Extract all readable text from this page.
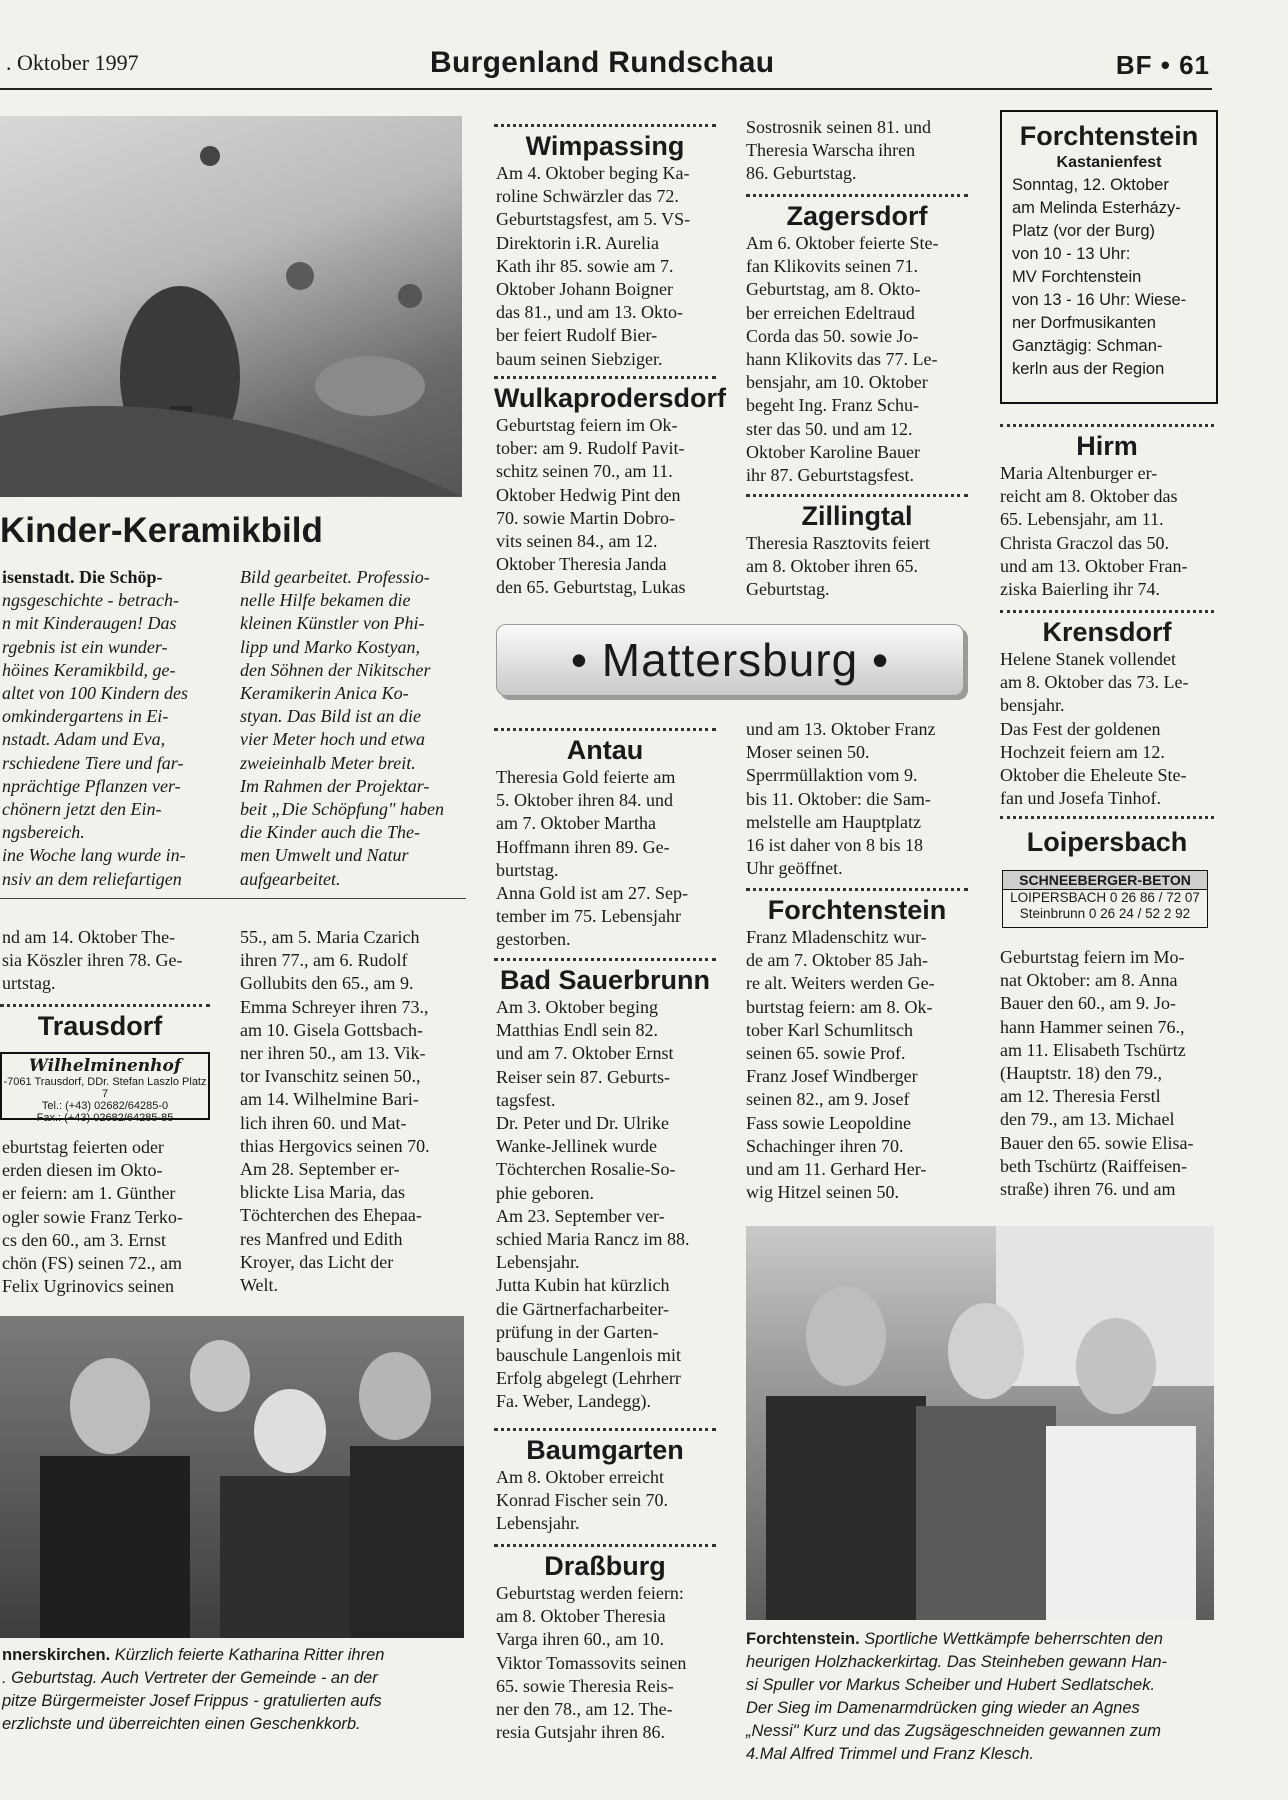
. Oktober 1997	Burgenland Rundschau	BF • 61
Kinder-Keramikbild
isenstadt. Die Schöp-
ngsgeschichte - betrach-
n mit Kinderaugen! Das
rgebnis ist ein wunder-
höines Keramikbild, ge-
altet von 100 Kindern des
omkindergartens in Ei-
nstadt. Adam und Eva,
rschiedene Tiere und far-
nprächtige Pflanzen ver-
chönern jetzt den Ein-
ngsbereich.
ine Woche lang wurde in-
nsiv an dem reliefartigen
Bild gearbeitet. Professio-
nelle Hilfe bekamen die
kleinen Künstler von Phi-
lipp und Marko Kostyan,
den Söhnen der Nikitscher
Keramikerin Anica Ko-
styan. Das Bild ist an die
vier Meter hoch und etwa
zweieinhalb Meter breit.
Im Rahmen der Projektar-
beit „Die Schöpfung" haben
die Kinder auch die The-
men Umwelt und Natur
aufgearbeitet.
nd am 14. Oktober The-
sia Köszler ihren 78. Ge-
urtstag.
Trausdorf
Wilhelminenhof
-7061 Trausdorf, DDr. Stefan Laszlo Platz 7
Tel.: (+43) 02682/64285-0
Fax.: (+43) 02682/64285-85
eburtstag feierten oder
erden diesen im Okto-
er feiern: am 1. Günther
ogler sowie Franz Terko-
cs den 60., am 3. Ernst
chön (FS) seinen 72., am
Felix Ugrinovics seinen
55., am 5. Maria Czarich
ihren 77., am 6. Rudolf
Gollubits den 65., am 9.
Emma Schreyer ihren 73.,
am 10. Gisela Gottsbach-
ner ihren 50., am 13. Vik-
tor Ivanschitz seinen 50.,
am 14. Wilhelmine Bari-
lich ihren 60. und Mat-
thias Hergovics seinen 70.
Am 28. September er-
blickte Lisa Maria, das
Töchterchen des Ehepaa-
res Manfred und Edith
Kroyer, das Licht der
Welt.
nnerskirchen. Kürzlich feierte Katharina Ritter ihren
. Geburtstag. Auch Vertreter der Gemeinde - an der
pitze Bürgermeister Josef Frippus - gratulierten aufs
erzlichste und überreichten einen Geschenkkorb.
Wimpassing
Am 4. Oktober beging Ka-
roline Schwärzler das 72.
Geburtstagsfest, am 5. VS-
Direktorin i.R. Aurelia
Kath ihr 85. sowie am 7.
Oktober Johann Boigner
das 81., und am 13. Okto-
ber feiert Rudolf Bier-
baum seinen Siebziger.
Wulkaprodersdorf
Geburtstag feiern im Ok-
tober: am 9. Rudolf Pavit-
schitz seinen 70., am 11.
Oktober Hedwig Pint den
70. sowie Martin Dobro-
vits seinen 84., am 12.
Oktober Theresia Janda
den 65. Geburtstag, Lukas
Sostrosnik seinen 81. und
Theresia Warscha ihren
86. Geburtstag.
Zagersdorf
Am 6. Oktober feierte Ste-
fan Klikovits seinen 71.
Geburtstag, am 8. Okto-
ber erreichen Edeltraud
Corda das 50. sowie Jo-
hann Klikovits das 77. Le-
bensjahr, am 10. Oktober
begeht Ing. Franz Schu-
ster das 50. und am 12.
Oktober Karoline Bauer
ihr 87. Geburtstagsfest.
Zillingtal
Theresia Rasztovits feiert
am 8. Oktober ihren 65.
Geburtstag.
Forchtenstein
Kastanienfest
Sonntag, 12. Oktober
am Melinda Esterházy-
Platz (vor der Burg)
von 10 - 13 Uhr:
MV Forchtenstein
von 13 - 16 Uhr: Wiese-
ner Dorfmusikanten
Ganztägig: Schman-
kerln aus der Region
Hirm
Maria Altenburger er-
reicht am 8. Oktober das
65. Lebensjahr, am 11.
Christa Graczol das 50.
und am 13. Oktober Fran-
ziska Baierling ihr 74.
Krensdorf
Helene Stanek vollendet
am 8. Oktober das 73. Le-
bensjahr.
Das Fest der goldenen
Hochzeit feiern am 12.
Oktober die Eheleute Ste-
fan und Josefa Tinhof.
Loipersbach
SCHNEEBERGER-BETON
LOIPERSBACH 0 26 86 / 72 07
Steinbrunn 0 26 24 / 52 2 92
Geburtstag feiern im Mo-
nat Oktober: am 8. Anna
Bauer den 60., am 9. Jo-
hann Hammer seinen 76.,
am 11. Elisabeth Tschürtz
(Hauptstr. 18) den 79.,
am 12. Theresia Ferstl
den 79., am 13. Michael
Bauer den 65. sowie Elisa-
beth Tschürtz (Raiffeisen-
straße) ihren 76. und am
• Mattersburg •
Antau
Theresia Gold feierte am
5. Oktober ihren 84. und
am 7. Oktober Martha
Hoffmann ihren 89. Ge-
burtstag.
Anna Gold ist am 27. Sep-
tember im 75. Lebensjahr
gestorben.
Bad Sauerbrunn
Am 3. Oktober beging
Matthias Endl sein 82.
und am 7. Oktober Ernst
Reiser sein 87. Geburts-
tagsfest.
Dr. Peter und Dr. Ulrike
Wanke-Jellinek wurde
Töchterchen Rosalie-So-
phie geboren.
Am 23. September ver-
schied Maria Rancz im 88.
Lebensjahr.
Jutta Kubin hat kürzlich
die Gärtnerfacharbeiter-
prüfung in der Garten-
bauschule Langenlois mit
Erfolg abgelegt (Lehrherr
Fa. Weber, Landegg).
Baumgarten
Am 8. Oktober erreicht
Konrad Fischer sein 70.
Lebensjahr.
Draßburg
Geburtstag werden feiern:
am 8. Oktober Theresia
Varga ihren 60., am 10.
Viktor Tomassovits seinen
65. sowie Theresia Reis-
ner den 78., am 12. The-
resia Gutsjahr ihren 86.
und am 13. Oktober Franz
Moser seinen 50.
Sperrmüllaktion vom 9.
bis 11. Oktober: die Sam-
melstelle am Hauptplatz
16 ist daher von 8 bis 18
Uhr geöffnet.
Forchtenstein
Franz Mladenschitz wur-
de am 7. Oktober 85 Jah-
re alt. Weiters werden Ge-
burtstag feiern: am 8. Ok-
tober Karl Schumlitsch
seinen 65. sowie Prof.
Franz Josef Windberger
seinen 82., am 9. Josef
Fass sowie Leopoldine
Schachinger ihren 70.
und am 11. Gerhard Her-
wig Hitzel seinen 50.
Forchtenstein. Sportliche Wettkämpfe beherrschten den
heurigen Holzhackerkirtag. Das Steinheben gewann Han-
si Spuller vor Markus Scheiber und Hubert Sedlatschek.
Der Sieg im Damenarmdrücken ging wieder an Agnes
„Nessi" Kurz und das Zugsägeschneiden gewannen zum
4.Mal Alfred Trimmel und Franz Klesch.
